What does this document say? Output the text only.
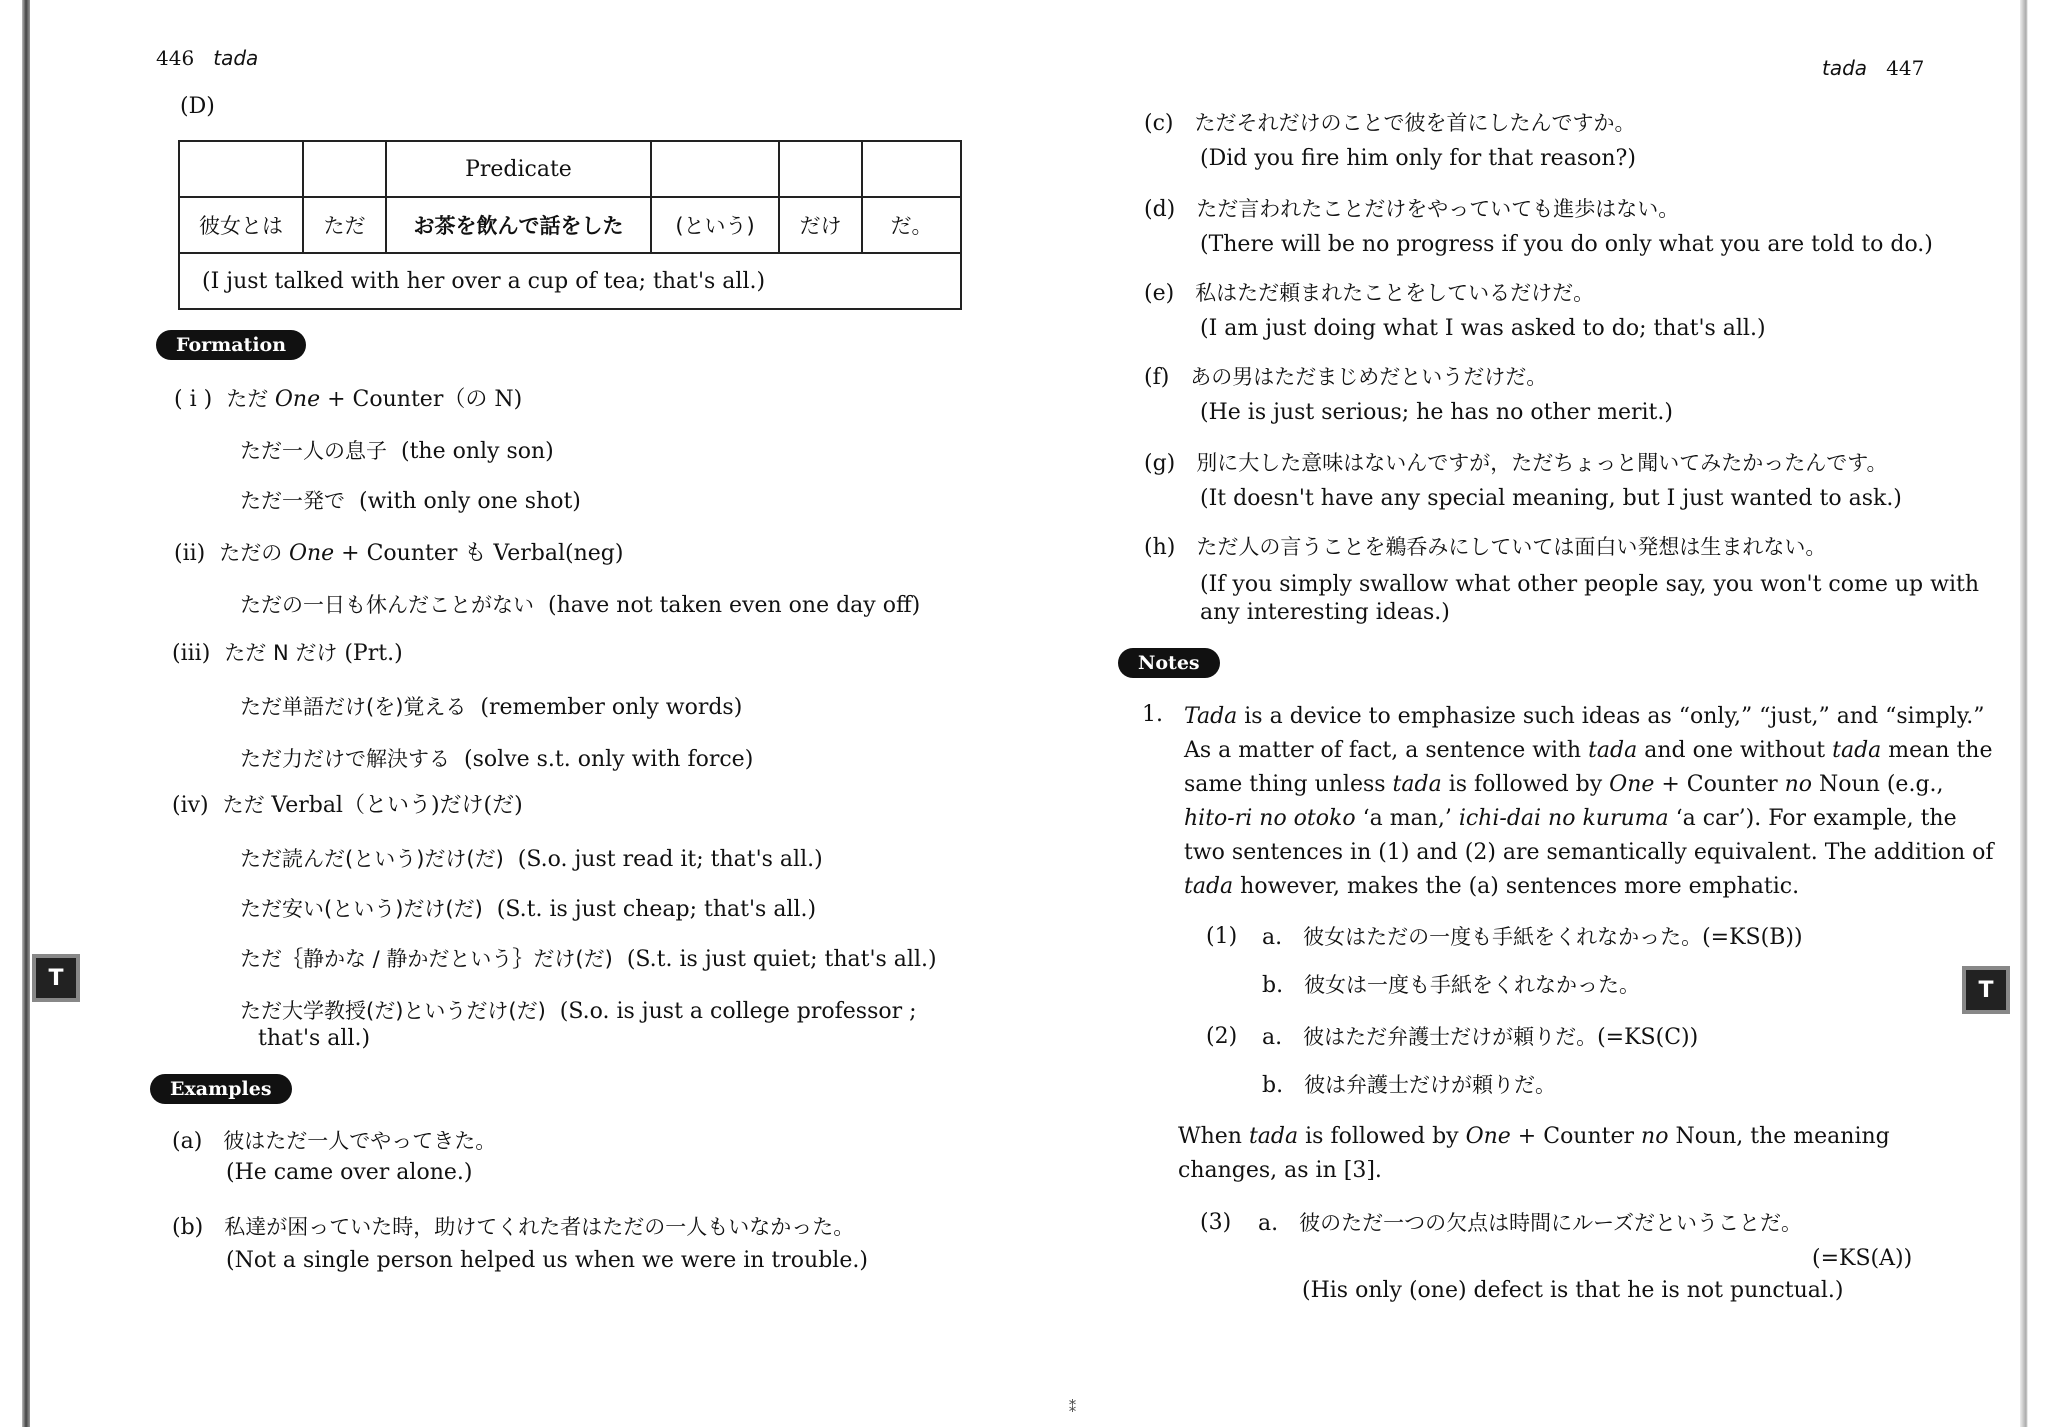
446 tada
(D)
		Predicate			
彼女とは	ただ	お茶を飲んで話をした	(という)	だけ	だ。
(I just talked with her over a cup of tea; that's all.)					
Formation
( i ) ただ One + Counter（の N)
ただ一人の息子 (the only son)
ただ一発で (with only one shot)
(ii) ただの One + Counter も Verbal(neg)
ただの一日も休んだことがない (have not taken even one day off)
(iii) ただ N だけ (Prt.)
ただ単語だけ(を)覚える (remember only words)
ただ力だけで解決する (solve s.t. only with force)
(iv) ただ Verbal（という)だけ(だ)
ただ読んだ(という)だけ(だ) (S.o. just read it; that's all.)
ただ安い(という)だけ(だ) (S.t. is just cheap; that's all.)
ただ｛静かな / 静かだという｝だけ(だ) (S.t. is just quiet; that's all.)
ただ大学教授(だ)というだけ(だ) (S.o. is just a college professor ;
that's all.)
T
Examples
(a) 彼はただ一人でやってきた。
(He came over alone.)
(b) 私達が困っていた時，助けてくれた者はただの一人もいなかった。
(Not a single person helped us when we were in trouble.)
⁑
tada 447
(c) ただそれだけのことで彼を首にしたんですか。
(Did you fire him only for that reason?)
(d) ただ言われたことだけをやっていても進歩はない。
(There will be no progress if you do only what you are told to do.)
(e) 私はただ頼まれたことをしているだけだ。
(I am just doing what I was asked to do; that's all.)
(f) あの男はただまじめだというだけだ。
(He is just serious; he has no other merit.)
(g) 別に大した意味はないんですが，ただちょっと聞いてみたかったんです。
(It doesn't have any special meaning, but I just wanted to ask.)
(h) ただ人の言うことを鵜呑みにしていては面白い発想は生まれない。
(If you simply swallow what other people say, you won't come up with
any interesting ideas.)
Notes
1. Tada is a device to emphasize such ideas as “only,” “just,” and “simply.”
As a matter of fact, a sentence with tada and one without tada mean the
same thing unless tada is followed by One + Counter no Noun (e.g.,
hito-ri no otoko ‘a man,’ ichi-dai no kuruma ‘a car’). For example, the
two sentences in (1) and (2) are semantically equivalent. The addition of
tada however, makes the (a) sentences more emphatic.
(1) a. 彼女はただの一度も手紙をくれなかった。(=KS(B))
b. 彼女は一度も手紙をくれなかった。
(2) a. 彼はただ弁護士だけが頼りだ。(=KS(C))
b. 彼は弁護士だけが頼りだ。
When tada is followed by One + Counter no Noun, the meaning
changes, as in [3].
(3) a. 彼のただ一つの欠点は時間にルーズだということだ。
(=KS(A))
(His only (one) defect is that he is not punctual.)
T
